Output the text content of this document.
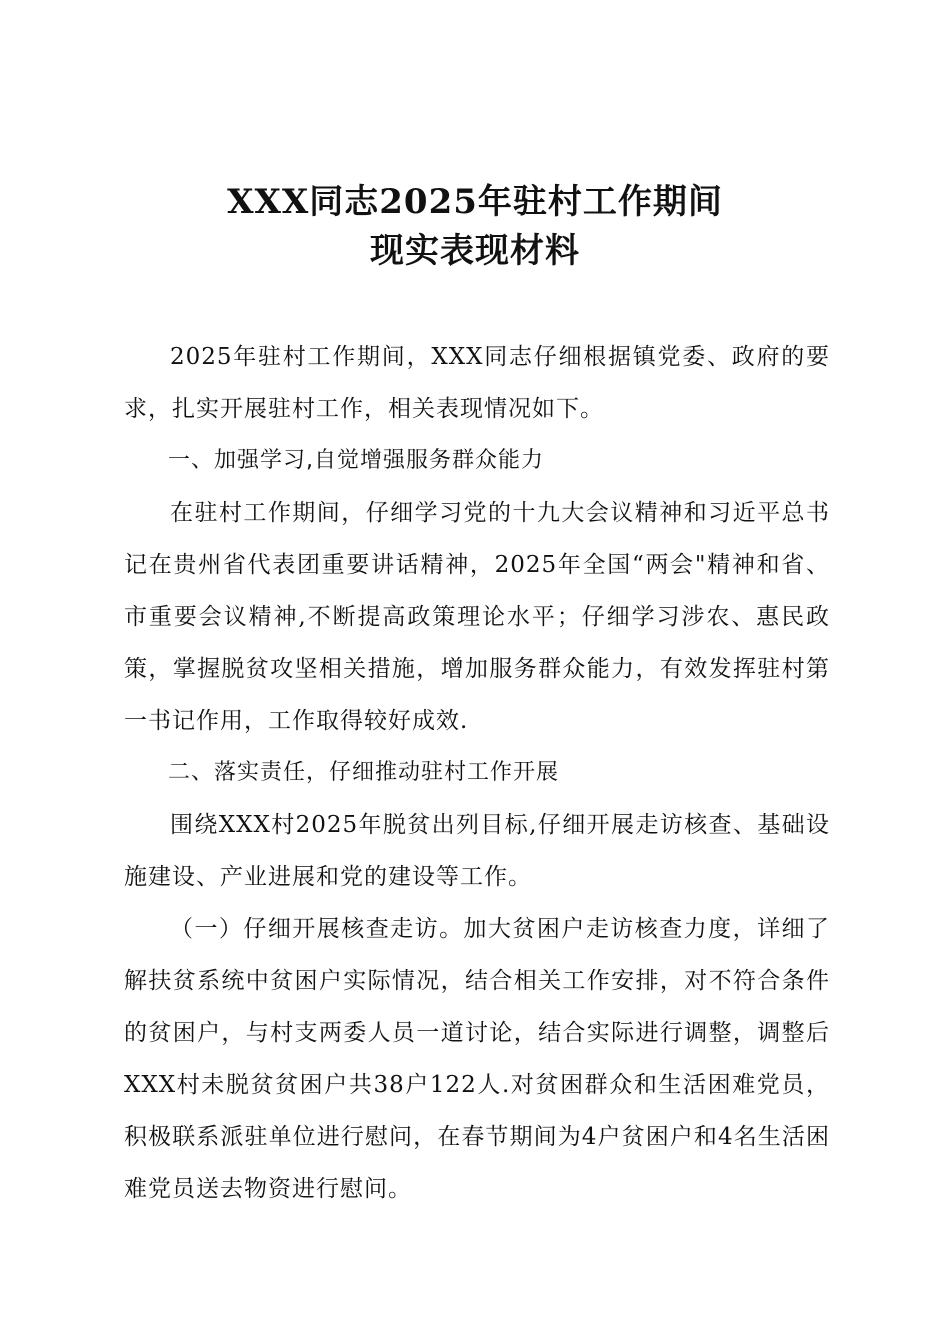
XXX同志2025年驻村工作期间
现实表现材料

2025年驻村工作期间，XXX同志仔细根据镇党委、政府的要求，扎实开展驻村工作，相关表现情况如下。

一、加强学习,自觉增强服务群众能力

在驻村工作期间，仔细学习党的十九大会议精神和习近平总书记在贵州省代表团重要讲话精神，2025年全国“两会"精神和省、市重要会议精神,不断提高政策理论水平；仔细学习涉农、惠民政策，掌握脱贫攻坚相关措施，增加服务群众能力，有效发挥驻村第一书记作用，工作取得较好成效.

二、落实责任，仔细推动驻村工作开展

围绕XXX村2025年脱贫出列目标,仔细开展走访核查、基础设施建设、产业进展和党的建设等工作。

（一）仔细开展核查走访。加大贫困户走访核查力度，详细了解扶贫系统中贫困户实际情况，结合相关工作安排，对不符合条件的贫困户，与村支两委人员一道讨论，结合实际进行调整，调整后XXX村未脱贫贫困户共38户122人.对贫困群众和生活困难党员，积极联系派驻单位进行慰问，在春节期间为4户贫困户和4名生活困难党员送去物资进行慰问。
